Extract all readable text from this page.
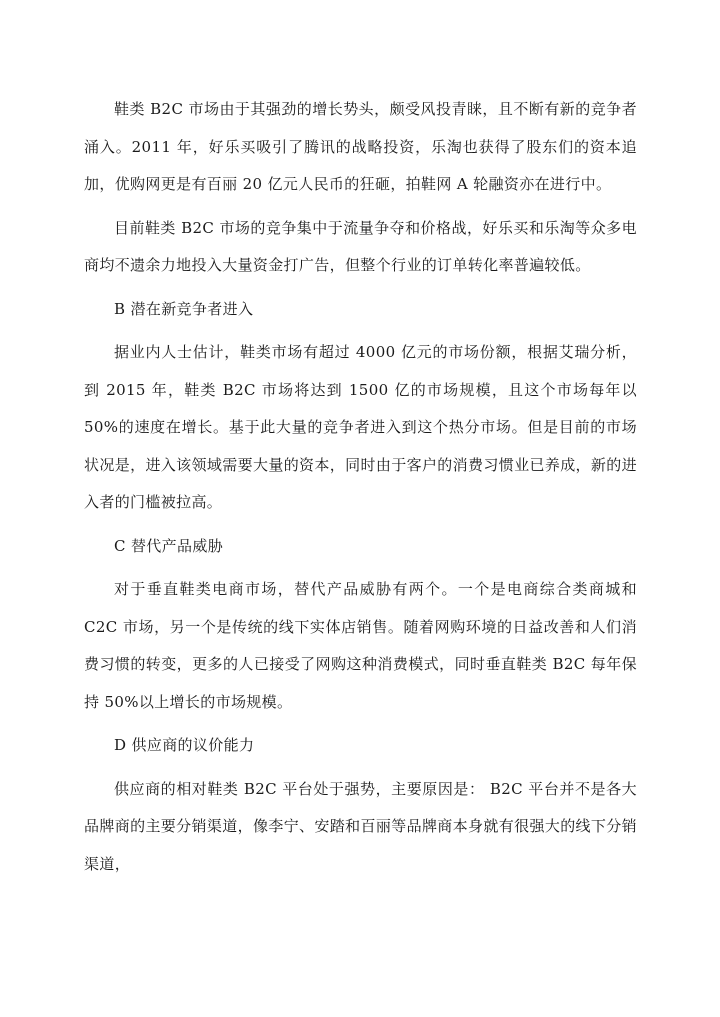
鞋类 B2C 市场由于其强劲的增长势头，颇受风投青睐，且不断有新的竞争者涌入。2011 年，好乐买吸引了腾讯的战略投资，乐淘也获得了股东们的资本追加，优购网更是有百丽 20 亿元人民币的狂砸，拍鞋网 A 轮融资亦在进行中。

目前鞋类 B2C 市场的竞争集中于流量争夺和价格战，好乐买和乐淘等众多电商均不遗余力地投入大量资金打广告，但整个行业的订单转化率普遍较低。

B 潜在新竞争者进入

据业内人士估计，鞋类市场有超过 4000 亿元的市场份额，根据艾瑞分析，到 2015 年，鞋类 B2C 市场将达到 1500 亿的市场规模，且这个市场每年以 50%的速度在增长。基于此大量的竞争者进入到这个热分市场。但是目前的市场状况是，进入该领域需要大量的资本，同时由于客户的消费习惯业已养成，新的进入者的门槛被拉高。

C 替代产品威胁

对于垂直鞋类电商市场，替代产品威胁有两个。一个是电商综合类商城和 C2C 市场，另一个是传统的线下实体店销售。随着网购环境的日益改善和人们消费习惯的转变，更多的人已接受了网购这种消费模式，同时垂直鞋类 B2C 每年保持 50%以上增长的市场规模。

D 供应商的议价能力

供应商的相对鞋类 B2C 平台处于强势，主要原因是： B2C 平台并不是各大品牌商的主要分销渠道，像李宁、安踏和百丽等品牌商本身就有很强大的线下分销渠道，
